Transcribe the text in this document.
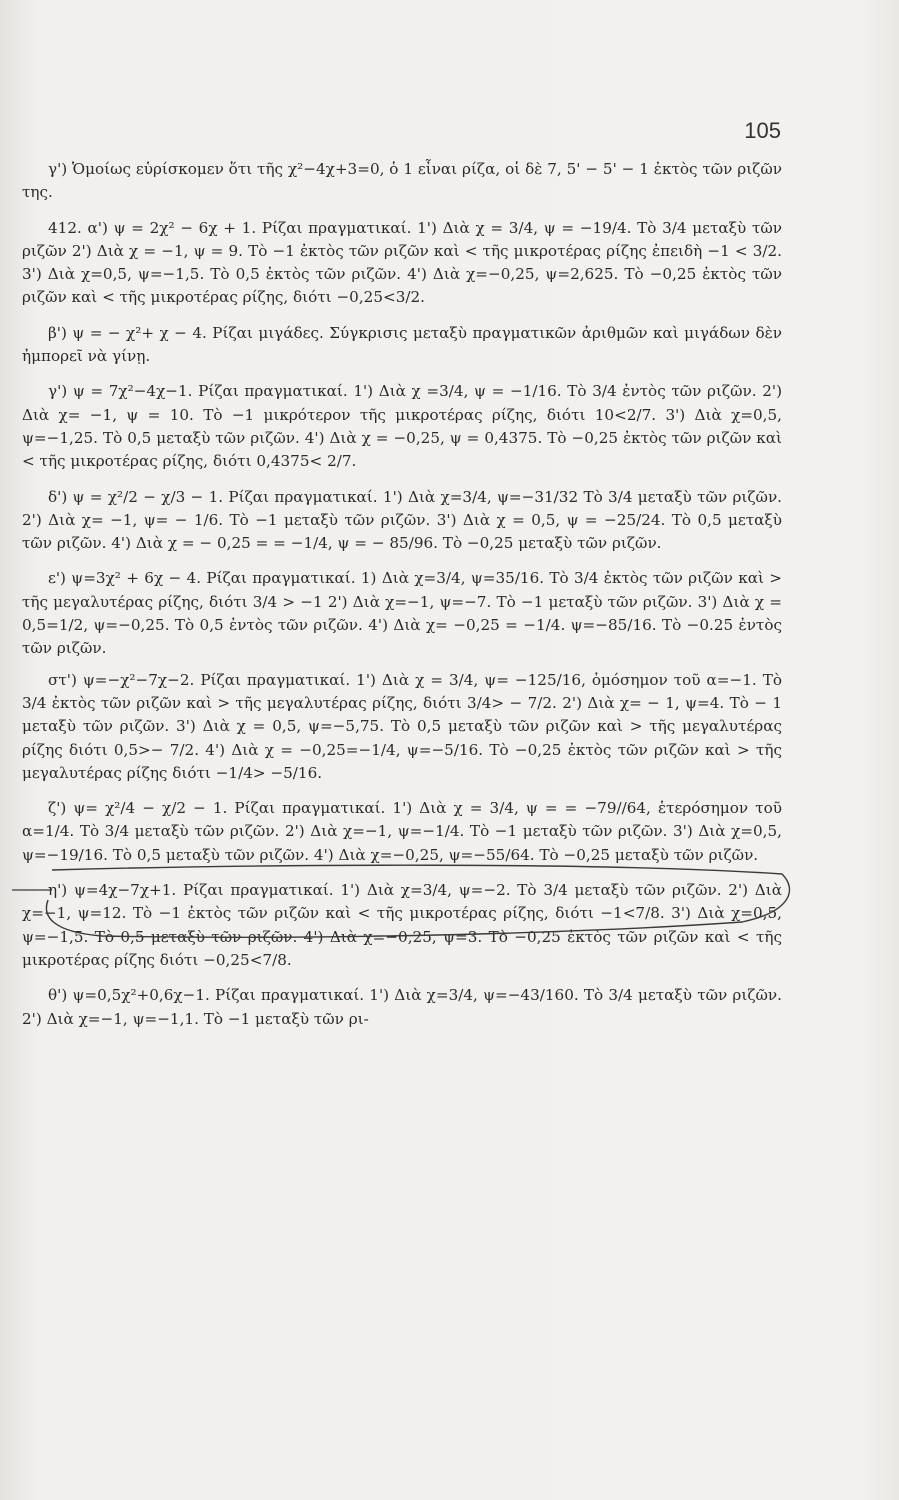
105

γ') Ὁμοίως εὑρίσκομεν ὅτι τῆς χ²−4χ+3=0, ὁ 1 εἶναι ρίζα, οἱ δὲ 7, 5' − 5' − 1 ἐκτὸς τῶν ριζῶν της.

412. α') ψ = 2χ² − 6χ + 1. Ρίζαι πραγματικαί. 1') Διὰ χ = 3/4, ψ = −19/4. Τὸ 3/4 μεταξὺ τῶν ριζῶν 2') Διὰ χ = −1, ψ = 9. Τὸ −1 ἐκτὸς τῶν ριζῶν καὶ < τῆς μικροτέρας ρίζης ἐπειδὴ −1 < 3/2. 3') Διὰ χ=0,5, ψ=−1,5. Τὸ 0,5 ἐκτὸς τῶν ριζῶν. 4') Διὰ χ=−0,25, ψ=2,625. Τὸ −0,25 ἐκτὸς τῶν ριζῶν καὶ < τῆς μικροτέρας ρίζης, διότι −0,25<3/2.

β') ψ = − χ²+ χ − 4. Ρίζαι μιγάδες. Σύγκρισις μεταξὺ πραγματικῶν ἀριθμῶν καὶ μιγάδων δὲν ἠμπορεῖ νὰ γίνῃ.

γ') ψ = 7χ²−4χ−1. Ρίζαι πραγματικαί. 1') Διὰ χ =3/4, ψ = −1/16. Τὸ 3/4 ἐντὸς τῶν ριζῶν. 2') Διὰ χ= −1, ψ = 10. Τὸ −1 μικρότερον τῆς μικροτέρας ρίζης, διότι 10<2/7. 3') Διὰ χ=0,5, ψ=−1,25. Τὸ 0,5 μεταξὺ τῶν ριζῶν. 4') Διὰ χ = −0,25, ψ = 0,4375. Τὸ −0,25 ἐκτὸς τῶν ριζῶν καὶ < τῆς μικροτέρας ρίζης, διότι 0,4375< 2/7.

δ') ψ = χ²/2 − χ/3 − 1. Ρίζαι πραγματικαί. 1') Διὰ χ=3/4, ψ=−31/32 Τὸ 3/4 μεταξὺ τῶν ριζῶν. 2') Διὰ χ= −1, ψ= − 1/6. Τὸ −1 μεταξὺ τῶν ριζῶν. 3') Διὰ χ = 0,5, ψ = −25/24. Τὸ 0,5 μεταξὺ τῶν ριζῶν. 4') Διὰ χ = − 0,25 = = −1/4, ψ = − 85/96. Τὸ −0,25 μεταξὺ τῶν ριζῶν.

ε') ψ=3χ² + 6χ − 4. Ρίζαι πραγματικαί. 1) Διὰ χ=3/4, ψ=35/16. Τὸ 3/4 ἐκτὸς τῶν ριζῶν καὶ > τῆς μεγαλυτέρας ρίζης, διότι 3/4 > −1 2') Διὰ χ=−1, ψ=−7. Τὸ −1 μεταξὺ τῶν ριζῶν. 3') Διὰ χ = 0,5=1/2, ψ=−0,25. Τὸ 0,5 ἐντὸς τῶν ριζῶν. 4') Διὰ χ= −0,25 = −1/4. ψ=−85/16. Τὸ −0.25 ἐντὸς τῶν ριζῶν.

στ') ψ=−χ²−7χ−2. Ρίζαι πραγματικαί. 1') Διὰ χ = 3/4, ψ= −125/16, ὁμόσημον τοῦ α=−1. Τὸ 3/4 ἐκτὸς τῶν ριζῶν καὶ > τῆς μεγαλυτέρας ρίζης, διότι 3/4> − 7/2. 2') Διὰ χ= − 1, ψ=4. Τὸ − 1 μεταξὺ τῶν ριζῶν. 3') Διὰ χ = 0,5, ψ=−5,75. Τὸ 0,5 μεταξὺ τῶν ριζῶν καὶ > τῆς μεγαλυτέρας ρίζης διότι 0,5>− 7/2. 4') Διὰ χ = −0,25=−1/4, ψ=−5/16. Τὸ −0,25 ἐκτὸς τῶν ριζῶν καὶ > τῆς μεγαλυτέρας ρίζης διότι −1/4> −5/16.

ζ') ψ= χ²/4 − χ/2 − 1. Ρίζαι πραγματικαί. 1') Διὰ χ = 3/4, ψ = = −79//64, ἑτερόσημον τοῦ α=1/4. Τὸ 3/4 μεταξὺ τῶν ριζῶν. 2') Διὰ χ=−1, ψ=−1/4. Τὸ −1 μεταξὺ τῶν ριζῶν. 3') Διὰ χ=0,5, ψ=−19/16. Τὸ 0,5 μεταξὺ τῶν ριζῶν. 4') Διὰ χ=−0,25, ψ=−55/64. Τὸ −0,25 μεταξὺ τῶν ριζῶν.

η') ψ=4χ−7χ+1. Ρίζαι πραγματικαί. 1') Διὰ χ=3/4, ψ=−2. Τὸ 3/4 μεταξὺ τῶν ριζῶν. 2') Διὰ χ=−1, ψ=12. Τὸ −1 ἐκτὸς τῶν ριζῶν καὶ < τῆς μικροτέρας ρίζης, διότι −1<7/8. 3') Διὰ χ=0,5, ψ=−1,5. Τὸ 0,5 μεταξὺ τῶν ριζῶν. 4') Διὰ χ=−0,25, ψ=3. Τὸ −0,25 ἐκτὸς τῶν ριζῶν καὶ < τῆς μικροτέρας ρίζης διότι −0,25<7/8.

θ') ψ=0,5χ²+0,6χ−1. Ρίζαι πραγματικαί. 1') Διὰ χ=3/4, ψ=−43/160. Τὸ 3/4 μεταξὺ τῶν ριζῶν. 2') Διὰ χ=−1, ψ=−1,1. Τὸ −1 μεταξὺ τῶν ρι-
